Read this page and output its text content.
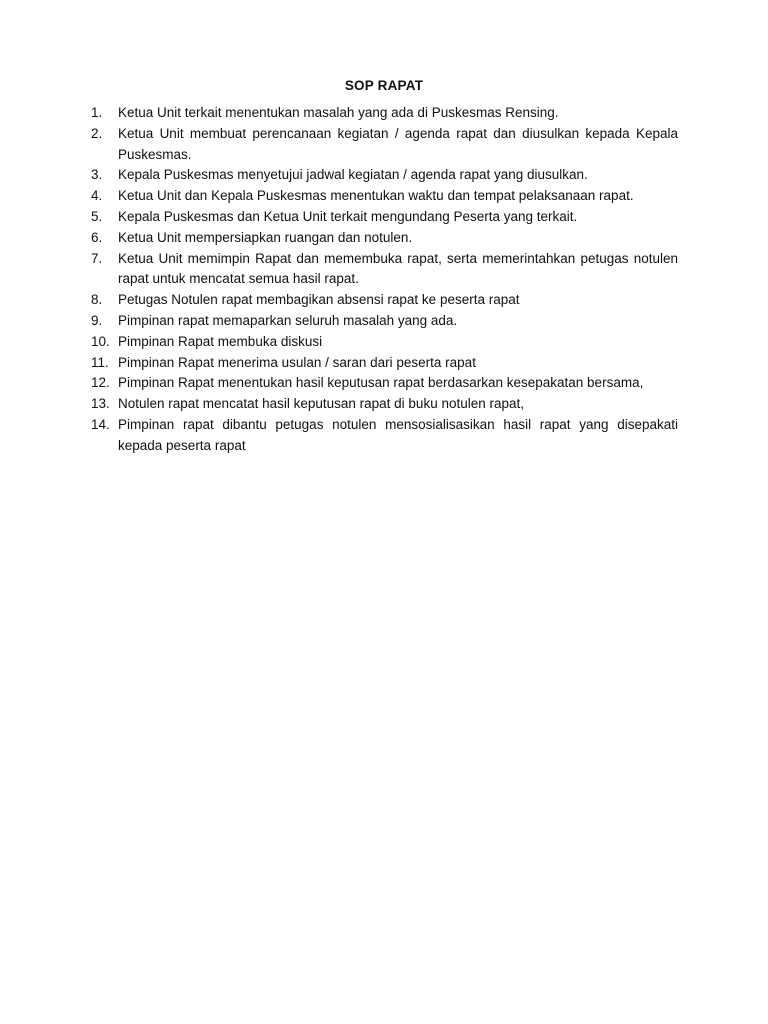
SOP RAPAT
1.	Ketua Unit terkait menentukan masalah yang ada di Puskesmas Rensing.
2.	Ketua Unit membuat perencanaan kegiatan / agenda rapat dan diusulkan kepada Kepala Puskesmas.
3.	Kepala Puskesmas menyetujui jadwal kegiatan / agenda rapat yang diusulkan.
4.	Ketua Unit dan Kepala Puskesmas menentukan waktu dan tempat pelaksanaan rapat.
5.	Kepala Puskesmas dan Ketua Unit terkait mengundang Peserta yang terkait.
6.	Ketua Unit mempersiapkan ruangan dan notulen.
7.	Ketua Unit memimpin Rapat dan memembuka rapat, serta memerintahkan petugas notulen rapat untuk mencatat semua hasil rapat.
8.	Petugas Notulen rapat membagikan absensi rapat ke peserta rapat
9.	Pimpinan rapat memaparkan seluruh masalah yang ada.
10. Pimpinan Rapat membuka diskusi
11. Pimpinan Rapat menerima usulan / saran dari peserta rapat
12. Pimpinan Rapat menentukan hasil keputusan rapat berdasarkan kesepakatan bersama,
13. Notulen rapat mencatat hasil keputusan rapat di buku notulen rapat,
14. Pimpinan rapat dibantu petugas notulen mensosialisasikan hasil rapat yang disepakati kepada peserta rapat
